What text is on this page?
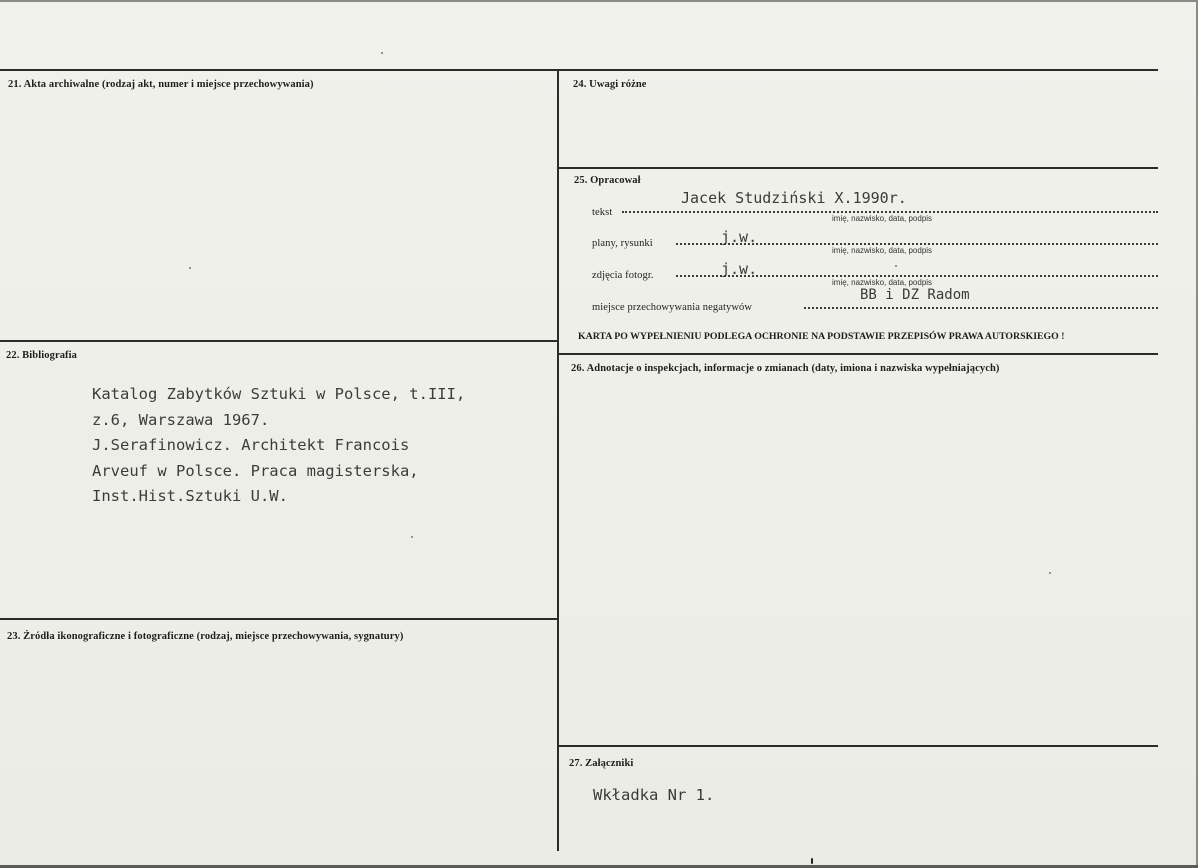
21. Akta archiwalne (rodzaj akt, numer i miejsce przechowywania)
22. Bibliografia
Katalog Zabytków Sztuki w Polsce, t.III,
z.6, Warszawa 1967.
J.Serafinowicz. Architekt Francois
Arveuf w Polsce. Praca magisterska,
Inst.Hist.Sztuki U.W.
23. Źródła ikonograficzne i fotograficzne (rodzaj, miejsce przechowywania, sygnatury)
24. Uwagi różne
25. Opracował
tekst
Jacek Studziński X.1990r.
imię, nazwisko, data, podpis
plany, rysunki	j.w.
imię, nazwisko, data, podpis
zdjęcia fotogr.	j.w.
imię, nazwisko, data, podpis
miejsce przechowywania negatywów
BB i DZ Radom
KARTA PO WYPEŁNIENIU PODLEGA OCHRONIE NA PODSTAWIE PRZEPISÓW PRAWA AUTORSKIEGO !
26. Adnotacje o inspekcjach, informacje o zmianach (daty, imiona i nazwiska wypełniających)
27. Załączniki
Wkładka Nr 1.
